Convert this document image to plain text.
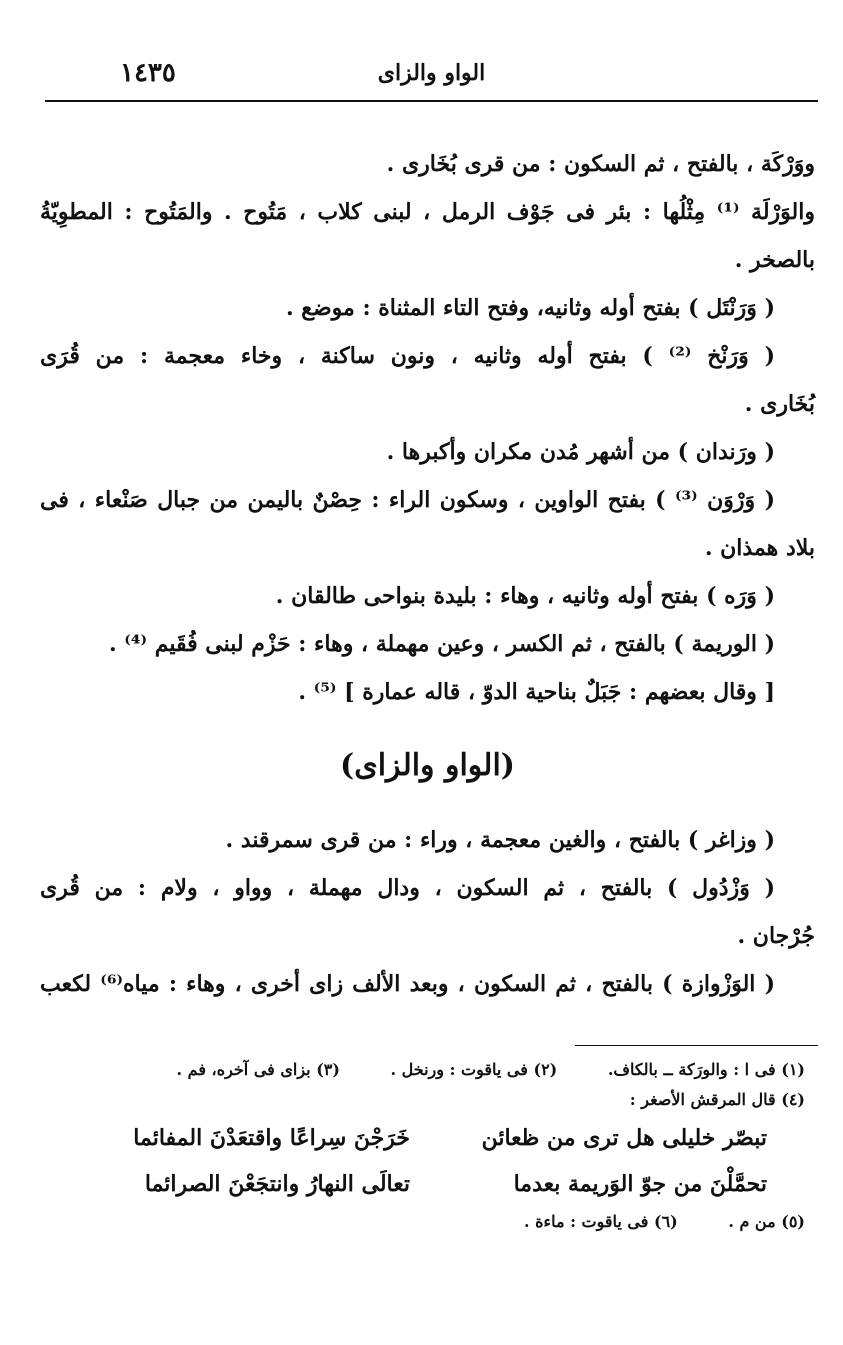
١٤٣٥	الواو والزاى
ووَرْكَة ، بالفتح ، ثم السكون : من قرى بُخَارى .
والوَرْلَة ⁽¹⁾ مِثْلُها : بئر فى جَوْف الرمل ، لبنى كلاب ، مَتُوح . والمَتُوح : المطوِيّةُ
بالصخر .
( وَرَنْتَل ) بفتح أوله وثانيه، وفتح التاء المثناة : موضع .
( وَرَنْخ ⁽²⁾ ) بفتح أوله وثانيه ، ونون ساكنة ، وخاء معجمة : من قُرَى
بُخَارى .
( ورَندان ) من أشهر مُدن مكران وأكبرها .
( وَرْوَن ⁽³⁾ ) بفتح الواوين ، وسكون الراء : حِصْنٌ باليمن من جبال صَنْعاء ، فى
بلاد همذان .
( وَرَه ) بفتح أوله وثانيه ، وهاء : بليدة بنواحى طالقان .
( الوريمة ) بالفتح ، ثم الكسر ، وعين مهملة ، وهاء : حَزْم لبنى فُقَيم ⁽⁴⁾ .
[ وقال بعضهم : جَبَلٌ بناحية الدوّ ، قاله عمارة ] ⁽⁵⁾ .
(الواو والزاى)
( وزاغر ) بالفتح ، والغين معجمة ، وراء : من قرى سمرقند .
( وَزْدُول ) بالفتح ، ثم السكون ، ودال مهملة ، وواو ، ولام : من قُرى
جُرْجان .
( الوَزْوازة ) بالفتح ، ثم السكون ، وبعد الألف زاى أخرى ، وهاء : مياه⁽⁶⁾ لكعب
(١) فى ا : والورَكة ــ بالكاف. (٢) فى ياقوت : ورنخل . (٣) بزاى فى آخره، فم .
(٤) قال المرقش الأصغر :
تبصّر خليلى هل ترى من ظعائن
خَرَجْنَ سِراعًا واقتعَدْنَ المفائما
تحمَّلْنَ من جوّ الوَريمة بعدما
تعالَى النهارُ وانتجَعْنَ الصرائما
(٥) من م . (٦) فى ياقوت : ماءة .
